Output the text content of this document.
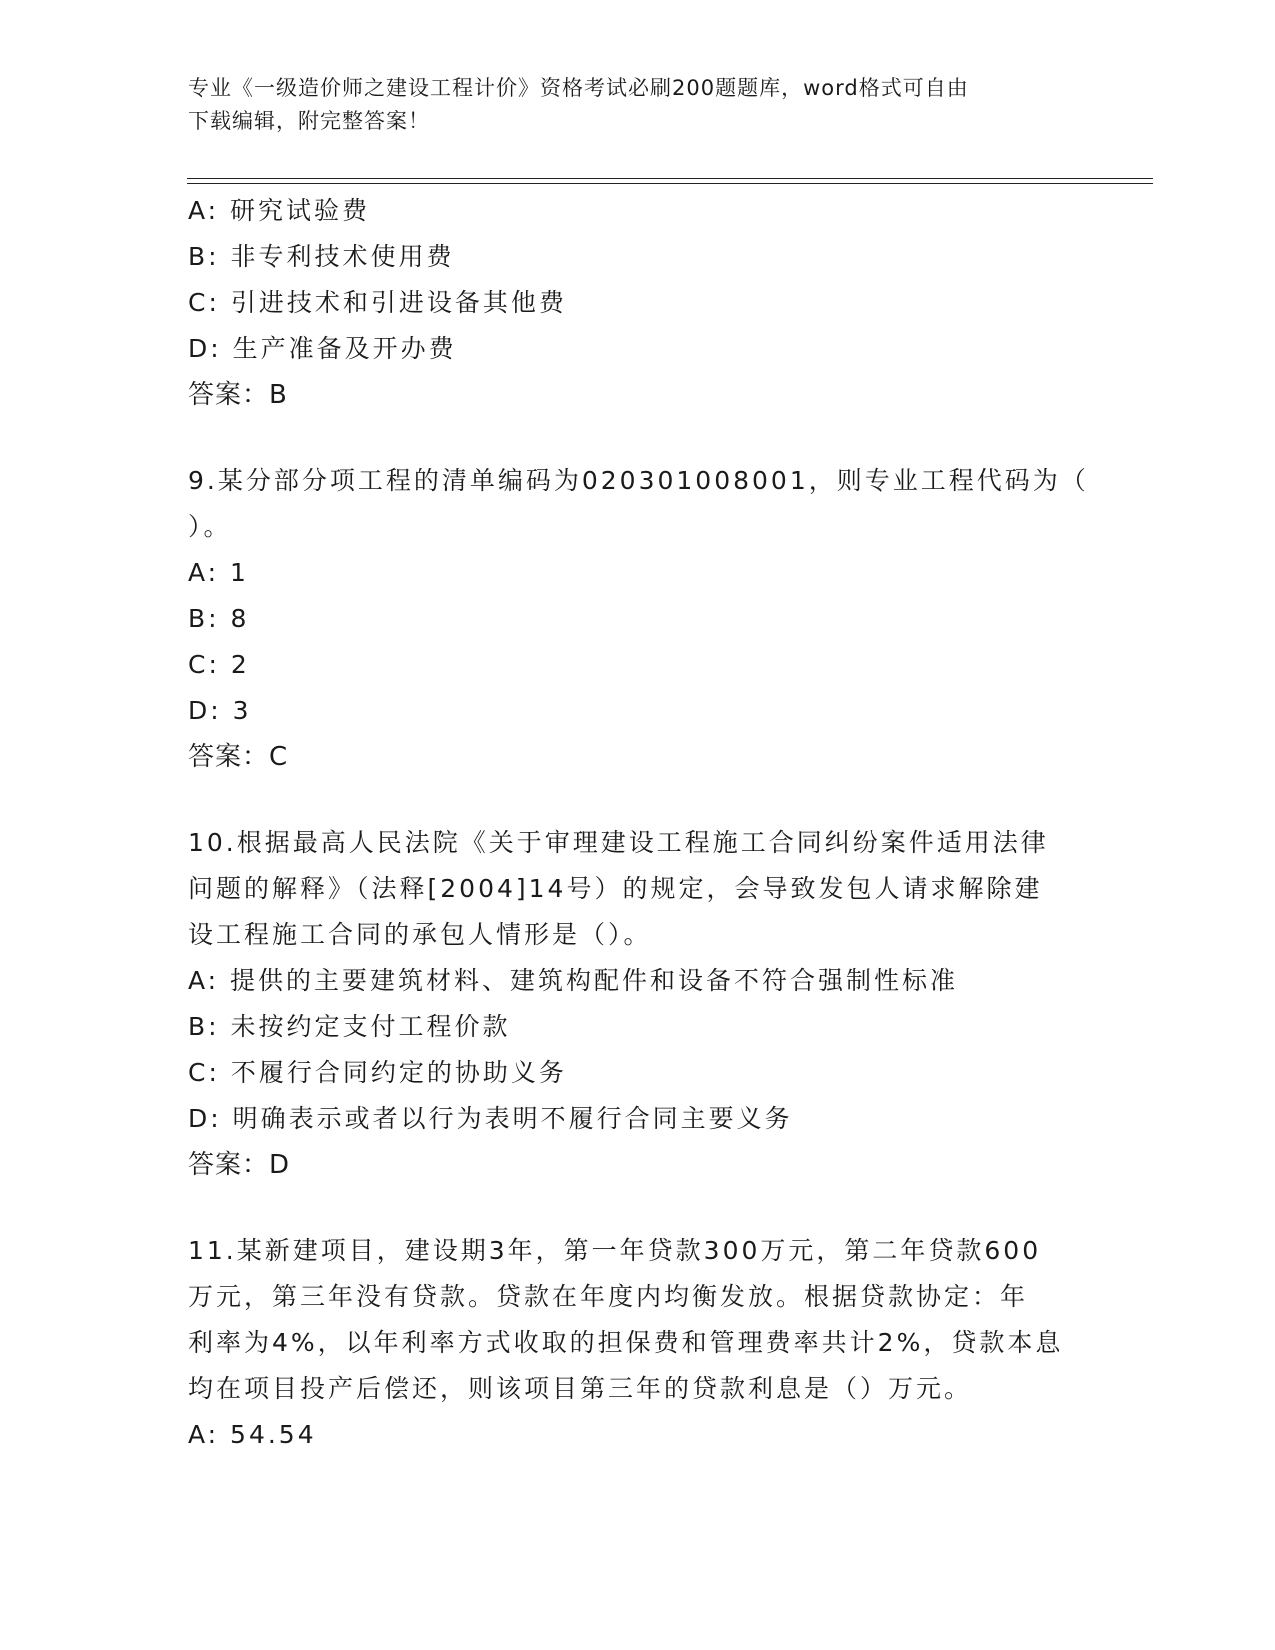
专业《一级造价师之建设工程计价》资格考试必刷200题题库，word格式可自由
下载编辑，附完整答案！
A: 研究试验费
B: 非专利技术使用费
C: 引进技术和引进设备其他费
D: 生产准备及开办费
答案：B
9.某分部分项工程的清单编码为020301008001，则专业工程代码为（
）。
A: 1
B: 8
C: 2
D: 3
答案：C
10.根据最高人民法院《关于审理建设工程施工合同纠纷案件适用法律
问题的解释》（法释[2004]14号）的规定，会导致发包人请求解除建
设工程施工合同的承包人情形是（）。
A: 提供的主要建筑材料、建筑构配件和设备不符合强制性标准
B: 未按约定支付工程价款
C: 不履行合同约定的协助义务
D: 明确表示或者以行为表明不履行合同主要义务
答案：D
11.某新建项目，建设期3年，第一年贷款300万元，第二年贷款600
万元，第三年没有贷款。贷款在年度内均衡发放。根据贷款协定：年
利率为4%，以年利率方式收取的担保费和管理费率共计2%，贷款本息
均在项目投产后偿还，则该项目第三年的贷款利息是（）万元。
A: 54.54
